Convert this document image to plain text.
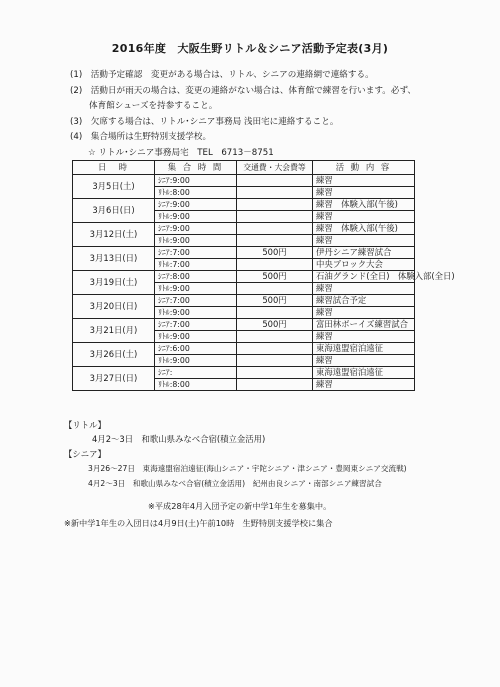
2016年度　大阪生野リトル＆シニア活動予定表(3月)
(1)　活動予定確認　変更がある場合は、リトル、シニアの連絡網で連絡する。
(2)　活動日が雨天の場合は、変更の連絡がない場合は、体育館で練習を行います。必ず、
体育館シューズを持参すること。
(3)　欠席する場合は、リトル･シニア事務局 浅田宅に連絡すること。
(4)　集合場所は生野特別支援学校。
☆ リトル･シニア事務局宅　TEL　6713－8751
日　時	集 合 時 間	交通費・大会費等	活 動 内 容
3月5日(土)	ｼﾆｱ:9:00		練習
	ﾘﾄﾙ:8:00		練習
3月6日(日)	ｼﾆｱ:9:00		練習　体験入部(午後)
	ﾘﾄﾙ:9:00		練習
3月12日(土)	ｼﾆｱ:9:00		練習　体験入部(午後)
	ﾘﾄﾙ:9:00		練習
3月13日(日)	ｼﾆｱ:7:00	500円	伊丹シニア練習試合
	ﾘﾄﾙ:7:00		中央ブロック大会
3月19日(土)	ｼﾆｱ:8:00	500円	石油グランド(全日)　体験入部(全日)
	ﾘﾄﾙ:9:00		練習
3月20日(日)	ｼﾆｱ:7:00	500円	練習試合予定
	ﾘﾄﾙ:9:00		練習
3月21日(月)	ｼﾆｱ:7:00	500円	富田林ボーイズ練習試合
	ﾘﾄﾙ:9:00		練習
3月26日(土)	ｼﾆｱ:6:00		東海遠盟宿泊遠征
	ﾘﾄﾙ:9:00		練習
3月27日(日)	ｼﾆｱ:		東海遠盟宿泊遠征
	ﾘﾄﾙ:8:00		練習
【リトル】
4月2～3日　和歌山県みなべ合宿(積立金活用)
【シニア】
3月26～27日　東海遠盟宿泊遠征(海山シニア・宇陀シニア・津シニア・豊岡東シニア交流戦)
4月2～3日　和歌山県みなべ合宿(積立金活用)　紀州由良シニア・南部シニア練習試合
※平成28年4月入団予定の新中学1年生を募集中。
※新中学1年生の入団日は4月9日(土)午前10時　生野特別支援学校に集合
